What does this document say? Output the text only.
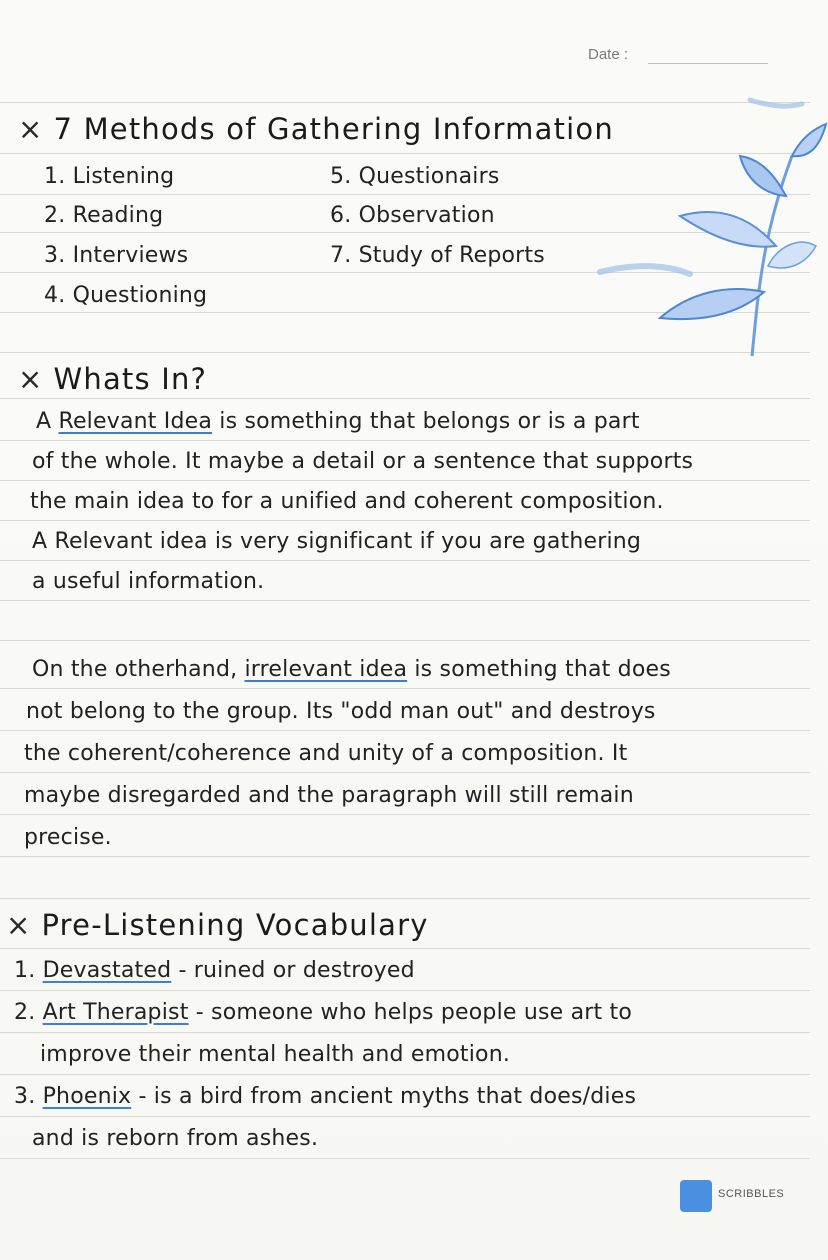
Date :
× 7 Methods of Gathering Information
1. Listening
2. Reading
3. Interviews
4. Questioning
5. Questionairs
6. Observation
7. Study of Reports
× Whats In?
A Relevant Idea is something that belongs or is a part
of the whole. It maybe a detail or a sentence that supports
the main idea to for a unified and coherent composition.
A Relevant idea is very significant if you are gathering
a useful information.
On the otherhand, irrelevant idea is something that does
not belong to the group. Its "odd man out" and destroys
the coherent/coherence and unity of a composition. It
maybe disregarded and the paragraph will still remain
precise.
× Pre-Listening Vocabulary
1. Devastated - ruined or destroyed
2. Art Therapist - someone who helps people use art to
improve their mental health and emotion.
3. Phoenix - is a bird from ancient myths that does/dies
and is reborn from ashes.
SCRIBBLES
